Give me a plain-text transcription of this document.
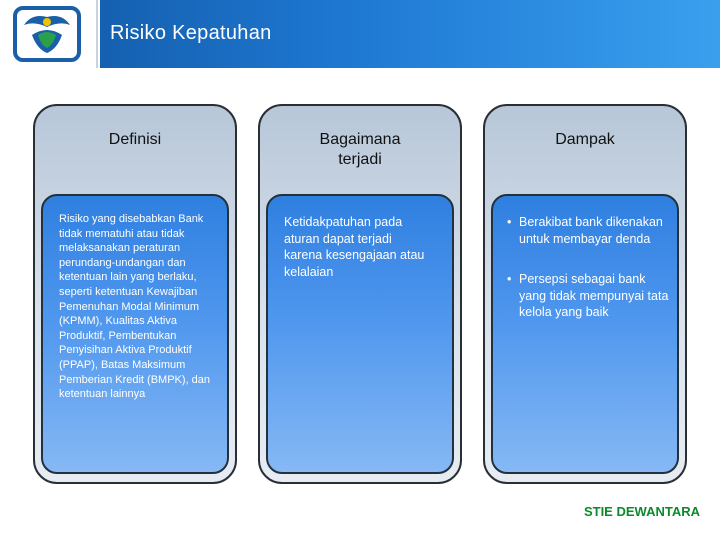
Risiko Kepatuhan
Definisi
Risiko yang disebabkan Bank tidak mematuhi atau tidak melaksanakan peraturan perundang-undangan dan ketentuan lain yang berlaku, seperti ketentuan Kewajiban Pemenuhan Modal Minimum (KPMM), Kualitas Aktiva Produktif, Pembentukan Penyisihan Aktiva Produktif (PPAP), Batas Maksimum Pemberian Kredit (BMPK), dan ketentuan lainnya
Bagaimana terjadi
Ketidakpatuhan pada aturan dapat terjadi karena kesengajaan atau kelalaian
Dampak
• Berakibat bank dikenakan untuk membayar denda
• Persepsi sebagai bank yang tidak mempunyai tata kelola yang baik
STIE DEWANTARA
